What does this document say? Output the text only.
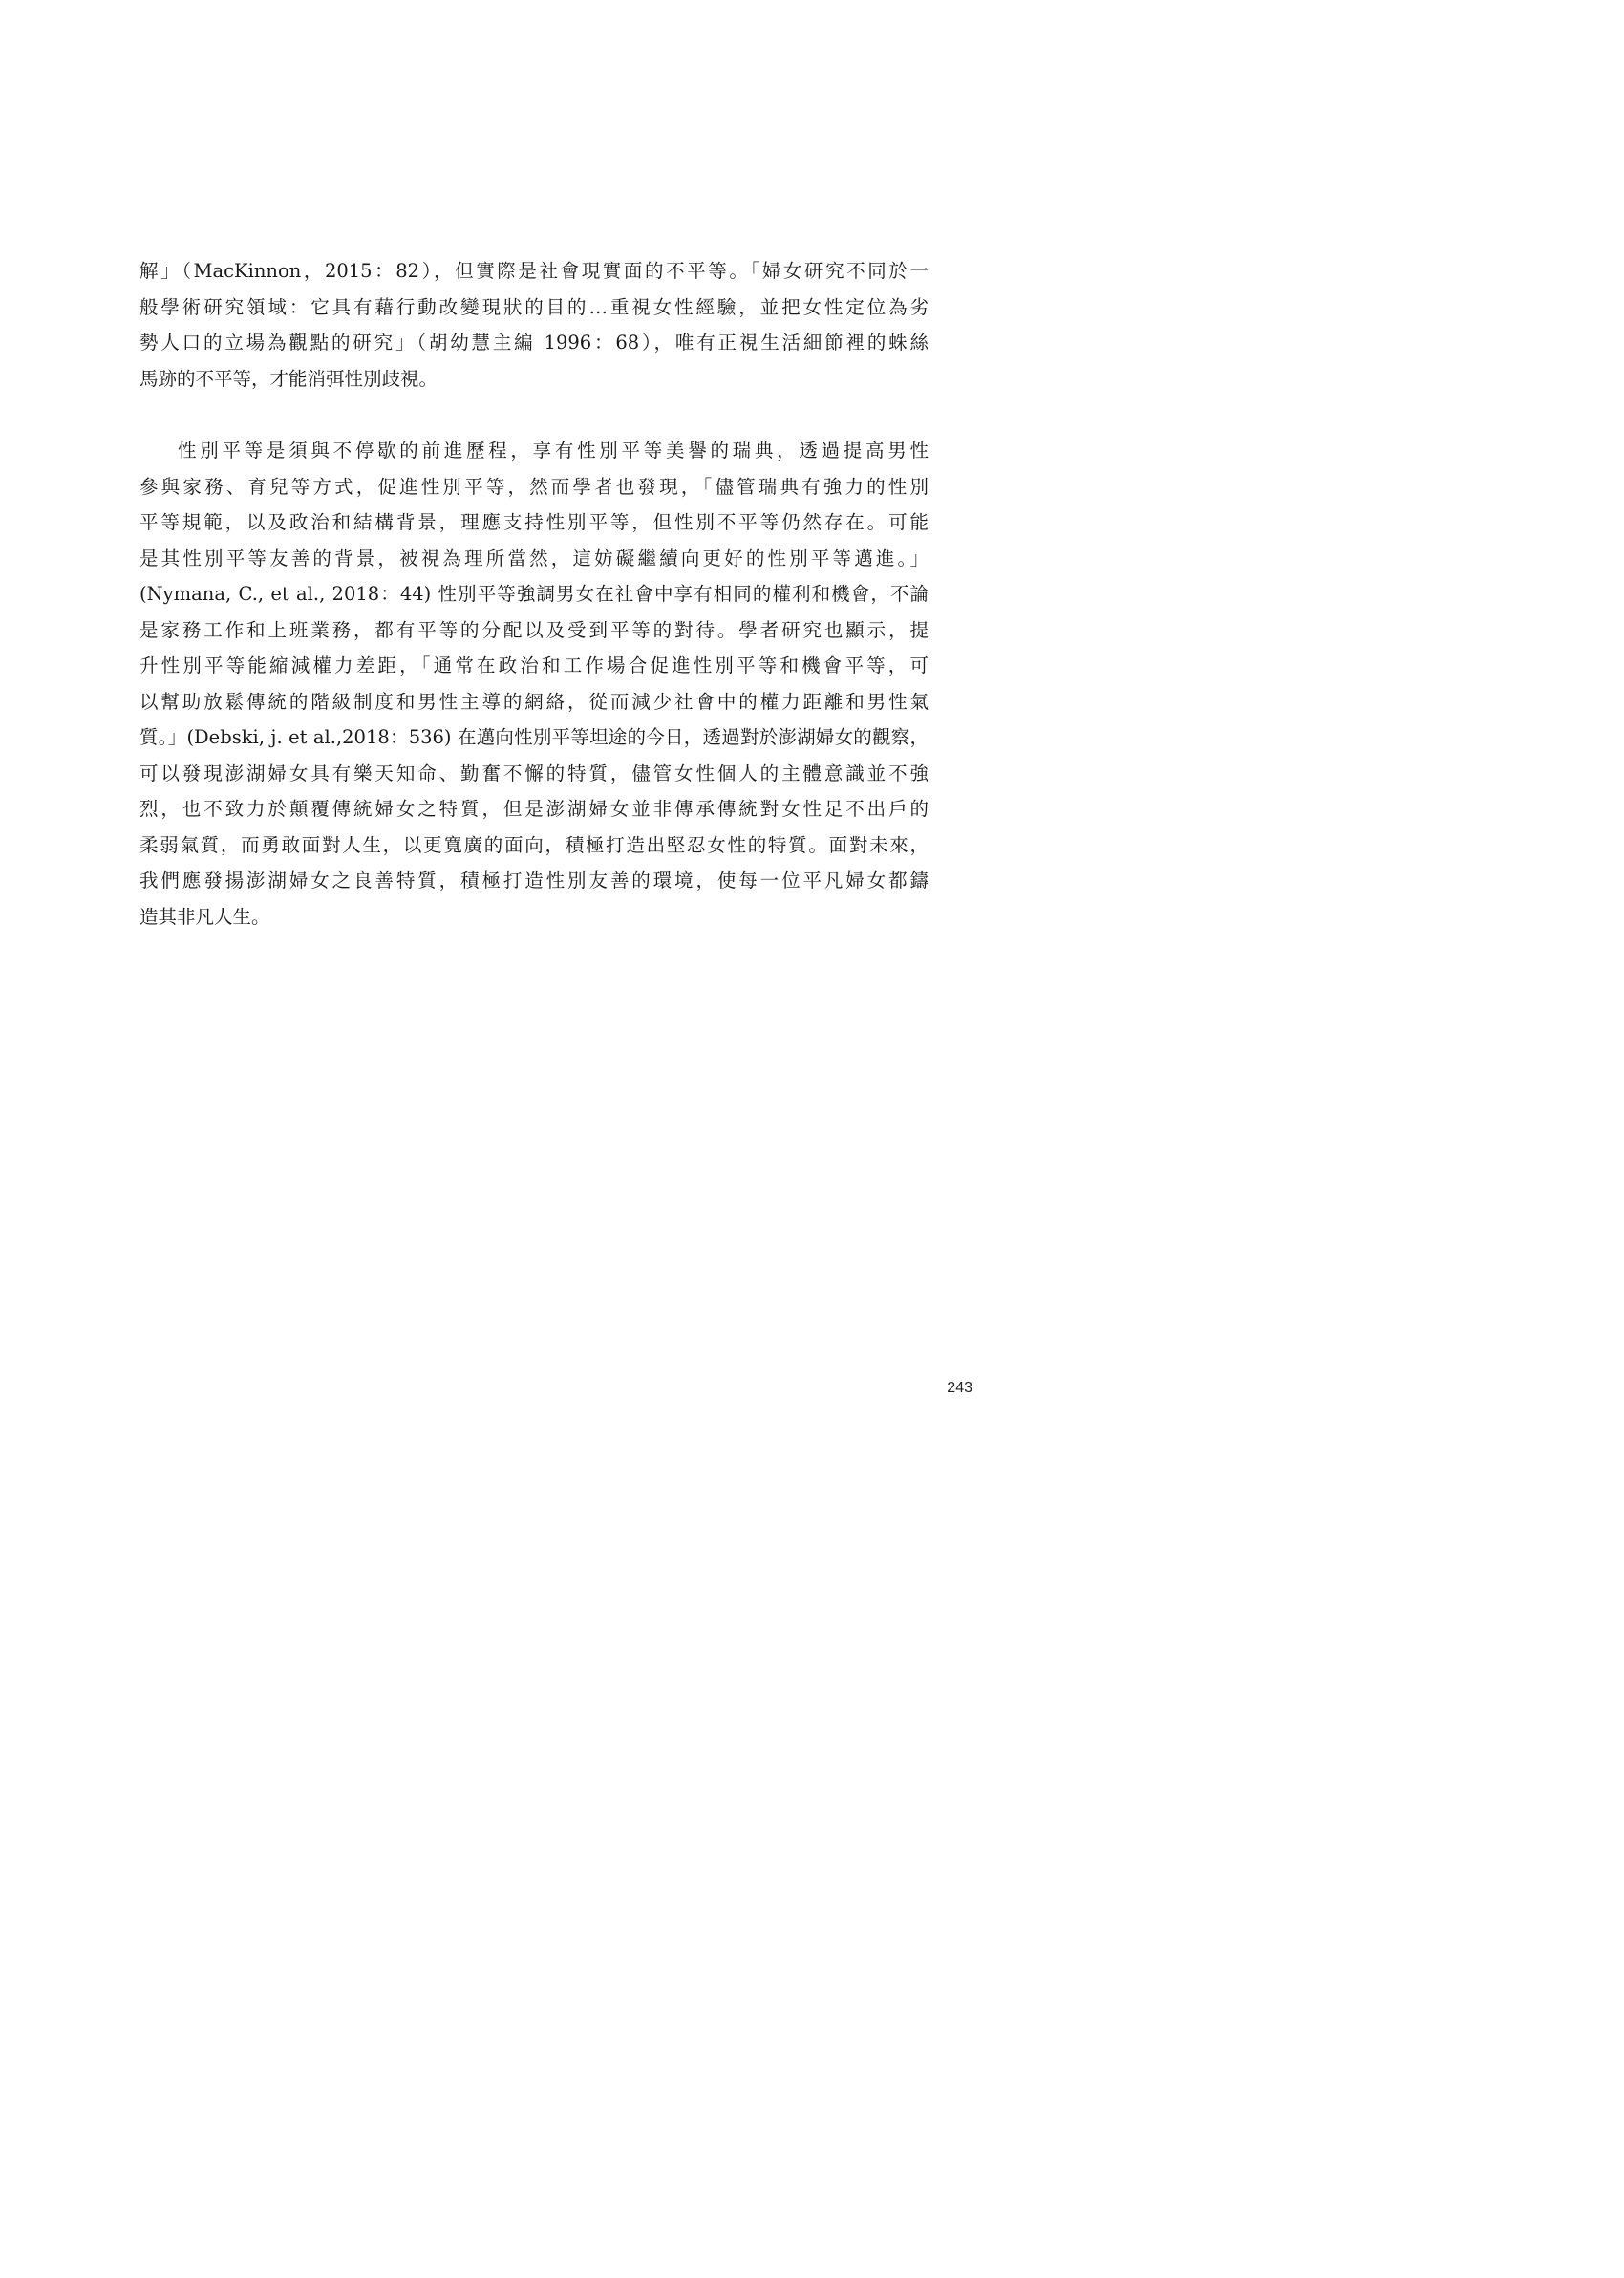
解」（MacKinnon，2015：82），但實際是社會現實面的不平等。「婦女研究不同於一
般學術研究領域：它具有藉行動改變現狀的目的…重視女性經驗，並把女性定位為劣
勢人口的立場為觀點的研究」（胡幼慧主編 1996：68），唯有正視生活細節裡的蛛絲
馬跡的不平等，才能消弭性別歧視。
性別平等是須與不停歇的前進歷程，享有性別平等美譽的瑞典，透過提高男性
參與家務、育兒等方式，促進性別平等，然而學者也發現，「儘管瑞典有強力的性別
平等規範，以及政治和結構背景，理應支持性別平等，但性別不平等仍然存在。可能
是其性別平等友善的背景，被視為理所當然，這妨礙繼續向更好的性別平等邁進。」
(Nymana, C., et al., 2018：44) 性別平等強調男女在社會中享有相同的權利和機會，不論
是家務工作和上班業務，都有平等的分配以及受到平等的對待。學者研究也顯示，提
升性別平等能縮減權力差距，「通常在政治和工作場合促進性別平等和機會平等，可
以幫助放鬆傳統的階級制度和男性主導的網絡，從而減少社會中的權力距離和男性氣
質。」(Debski, j. et al.,2018：536) 在邁向性別平等坦途的今日，透過對於澎湖婦女的觀察，
可以發現澎湖婦女具有樂天知命、勤奮不懈的特質，儘管女性個人的主體意識並不強
烈，也不致力於顛覆傳統婦女之特質，但是澎湖婦女並非傳承傳統對女性足不出戶的
柔弱氣質，而勇敢面對人生，以更寬廣的面向，積極打造出堅忍女性的特質。面對未來，
我們應發揚澎湖婦女之良善特質，積極打造性別友善的環境，使每一位平凡婦女都鑄
造其非凡人生。
243
